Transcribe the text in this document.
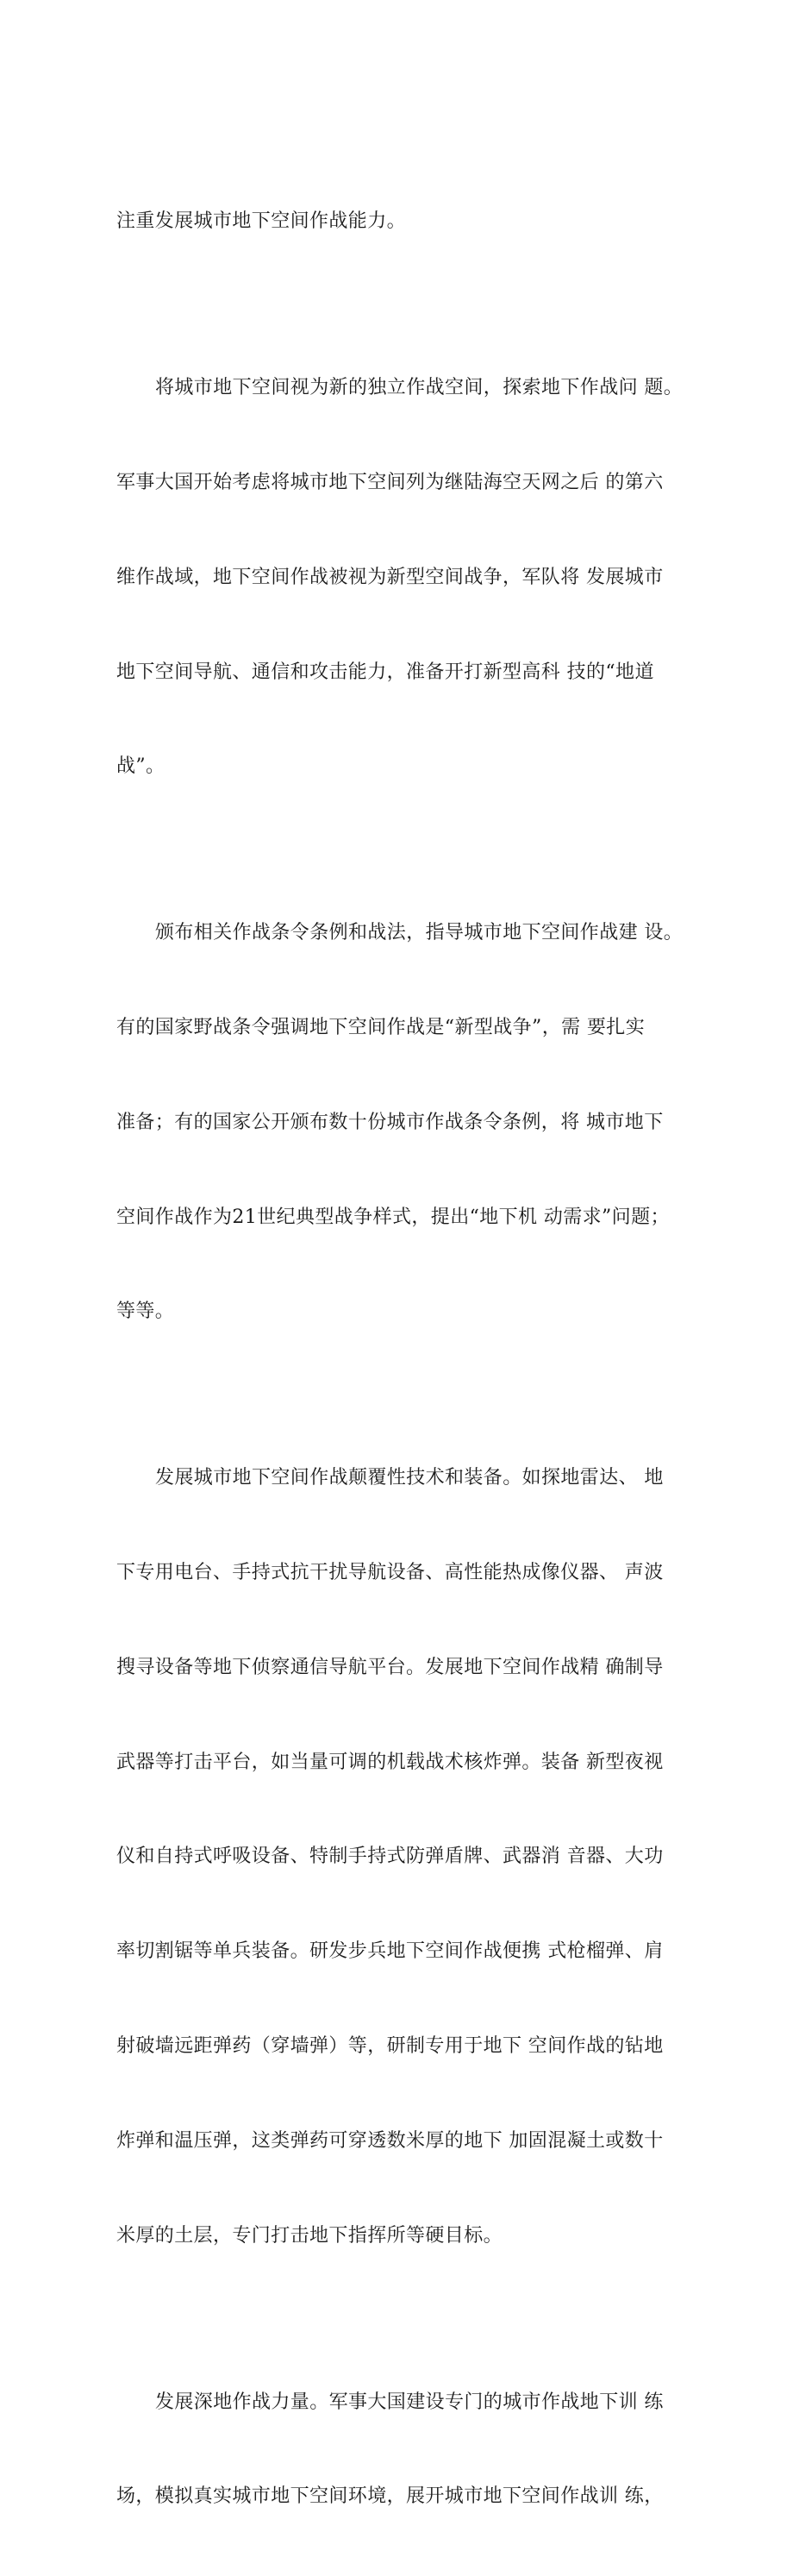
注重发展城市地下空间作战能力。

将城市地下空间视为新的独立作战空间，探索地下作战问 题。

军事大国开始考虑将城市地下空间列为继陆海空天网之后 的第六

维作战域，地下空间作战被视为新型空间战争，军队将 发展城市

地下空间导航、通信和攻击能力，准备开打新型高科 技的“地道

战”。

颁布相关作战条令条例和战法，指导城市地下空间作战建 设。

有的国家野战条令强调地下空间作战是“新型战争”，需 要扎实

准备；有的国家公开颁布数十份城市作战条令条例，将 城市地下

空间作战作为21世纪典型战争样式，提出“地下机 动需求”问题；

等等。

发展城市地下空间作战颠覆性技术和装备。如探地雷达、 地

下专用电台、手持式抗干扰导航设备、高性能热成像仪器、 声波

搜寻设备等地下侦察通信导航平台。发展地下空间作战精 确制导

武器等打击平台，如当量可调的机载战术核炸弹。装备 新型夜视

仪和自持式呼吸设备、特制手持式防弹盾牌、武器消 音器、大功

率切割锯等单兵装备。研发步兵地下空间作战便携 式枪榴弹、肩

射破墙远距弹药（穿墙弹）等，研制专用于地下 空间作战的钻地

炸弹和温压弹，这类弹药可穿透数米厚的地下 加固混凝土或数十

米厚的土层，专门打击地下指挥所等硬目标。

发展深地作战力量。军事大国建设专门的城市作战地下训 练

场，模拟真实城市地下空间环境，展开城市地下空间作战训 练，
